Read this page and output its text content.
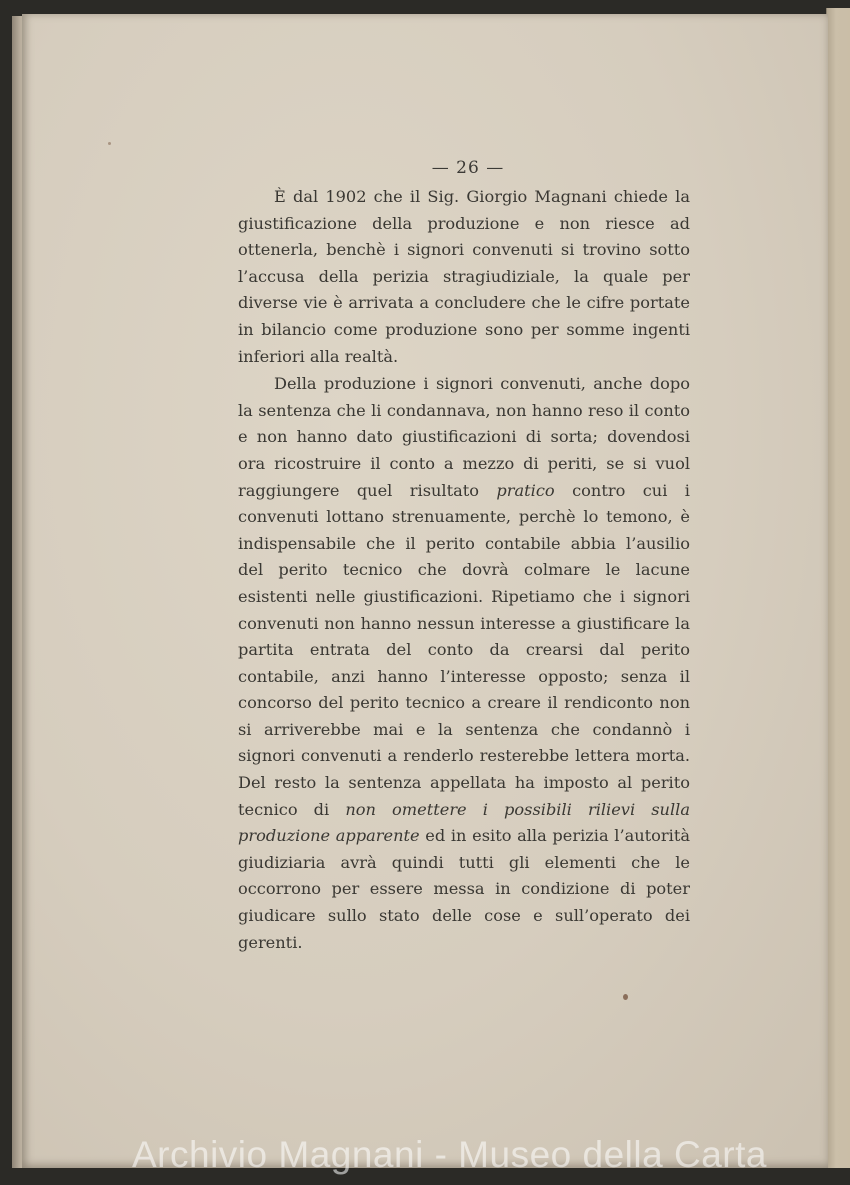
— 26 —

È dal 1902 che il Sig. Giorgio Magnani chiede la giustificazione della produzione e non riesce ad ottenerla, benchè i signori convenuti si trovino sotto l’accusa della perizia stragiudiziale, la quale per diverse vie è arrivata a concludere che le cifre portate in bilancio come produzione sono per somme ingenti inferiori alla realtà.

Della produzione i signori convenuti, anche dopo la sentenza che li condannava, non hanno reso il conto e non hanno dato giustificazioni di sorta; dovendosi ora ricostruire il conto a mezzo di periti, se si vuol raggiungere quel risultato pratico contro cui i convenuti lottano strenuamente, perchè lo temono, è indispensabile che il perito contabile abbia l’ausilio del perito tecnico che dovrà colmare le lacune esistenti nelle giustificazioni. Ripetiamo che i signori convenuti non hanno nessun interesse a giustificare la partita entrata del conto da crearsi dal perito contabile, anzi hanno l’interesse opposto; senza il concorso del perito tecnico a creare il rendiconto non si arriverebbe mai e la sentenza che condannò i signori convenuti a renderlo resterebbe lettera morta. Del resto la sentenza appellata ha imposto al perito tecnico di non omettere i possibili rilievi sulla produzione apparente ed in esito alla perizia l’autorità giudiziaria avrà quindi tutti gli elementi che le occorrono per essere messa in condizione di poter giudicare sullo stato delle cose e sull’operato dei gerenti.

Archivio Magnani - Museo della Carta
